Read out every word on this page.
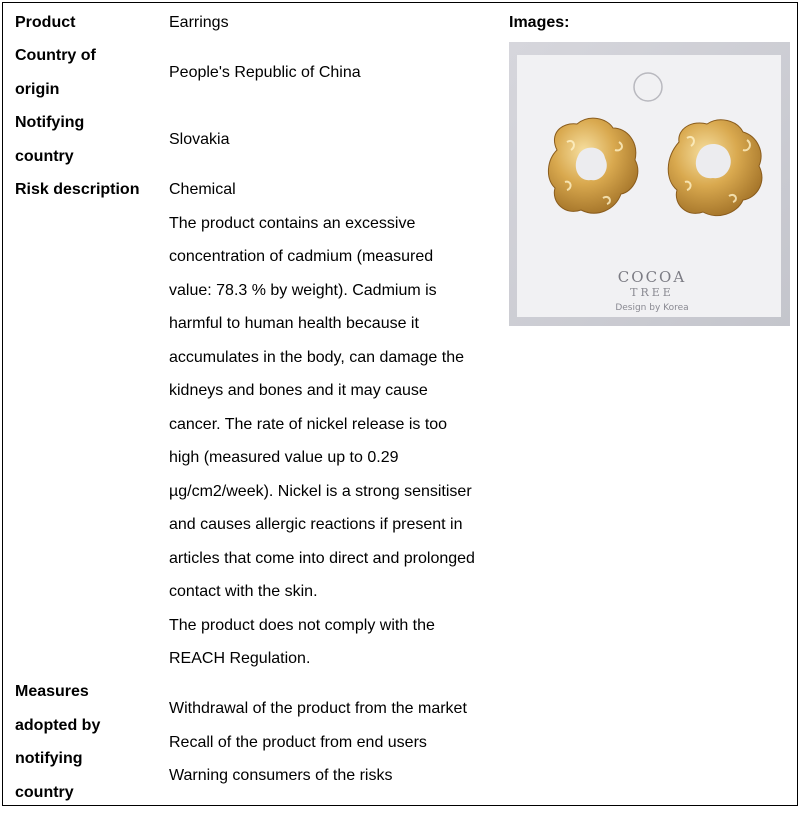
Product	Earrings
Country of
origin
People's Republic of China
Notifying
country
Slovakia
Risk description	Chemical
The product contains an excessive
concentration of cadmium (measured
value: 78.3 % by weight). Cadmium is
harmful to human health because it
accumulates in the body, can damage the
kidneys and bones and it may cause
cancer. The rate of nickel release is too
high (measured value up to 0.29
µg/cm2/week). Nickel is a strong sensitiser
and causes allergic reactions if present in
articles that come into direct and prolonged
contact with the skin.
The product does not comply with the
REACH Regulation.
Measures
adopted by
notifying
country
Withdrawal of the product from the market
Recall of the product from end users
Warning consumers of the risks
Images:
COCOA
TREE
Design by Korea
